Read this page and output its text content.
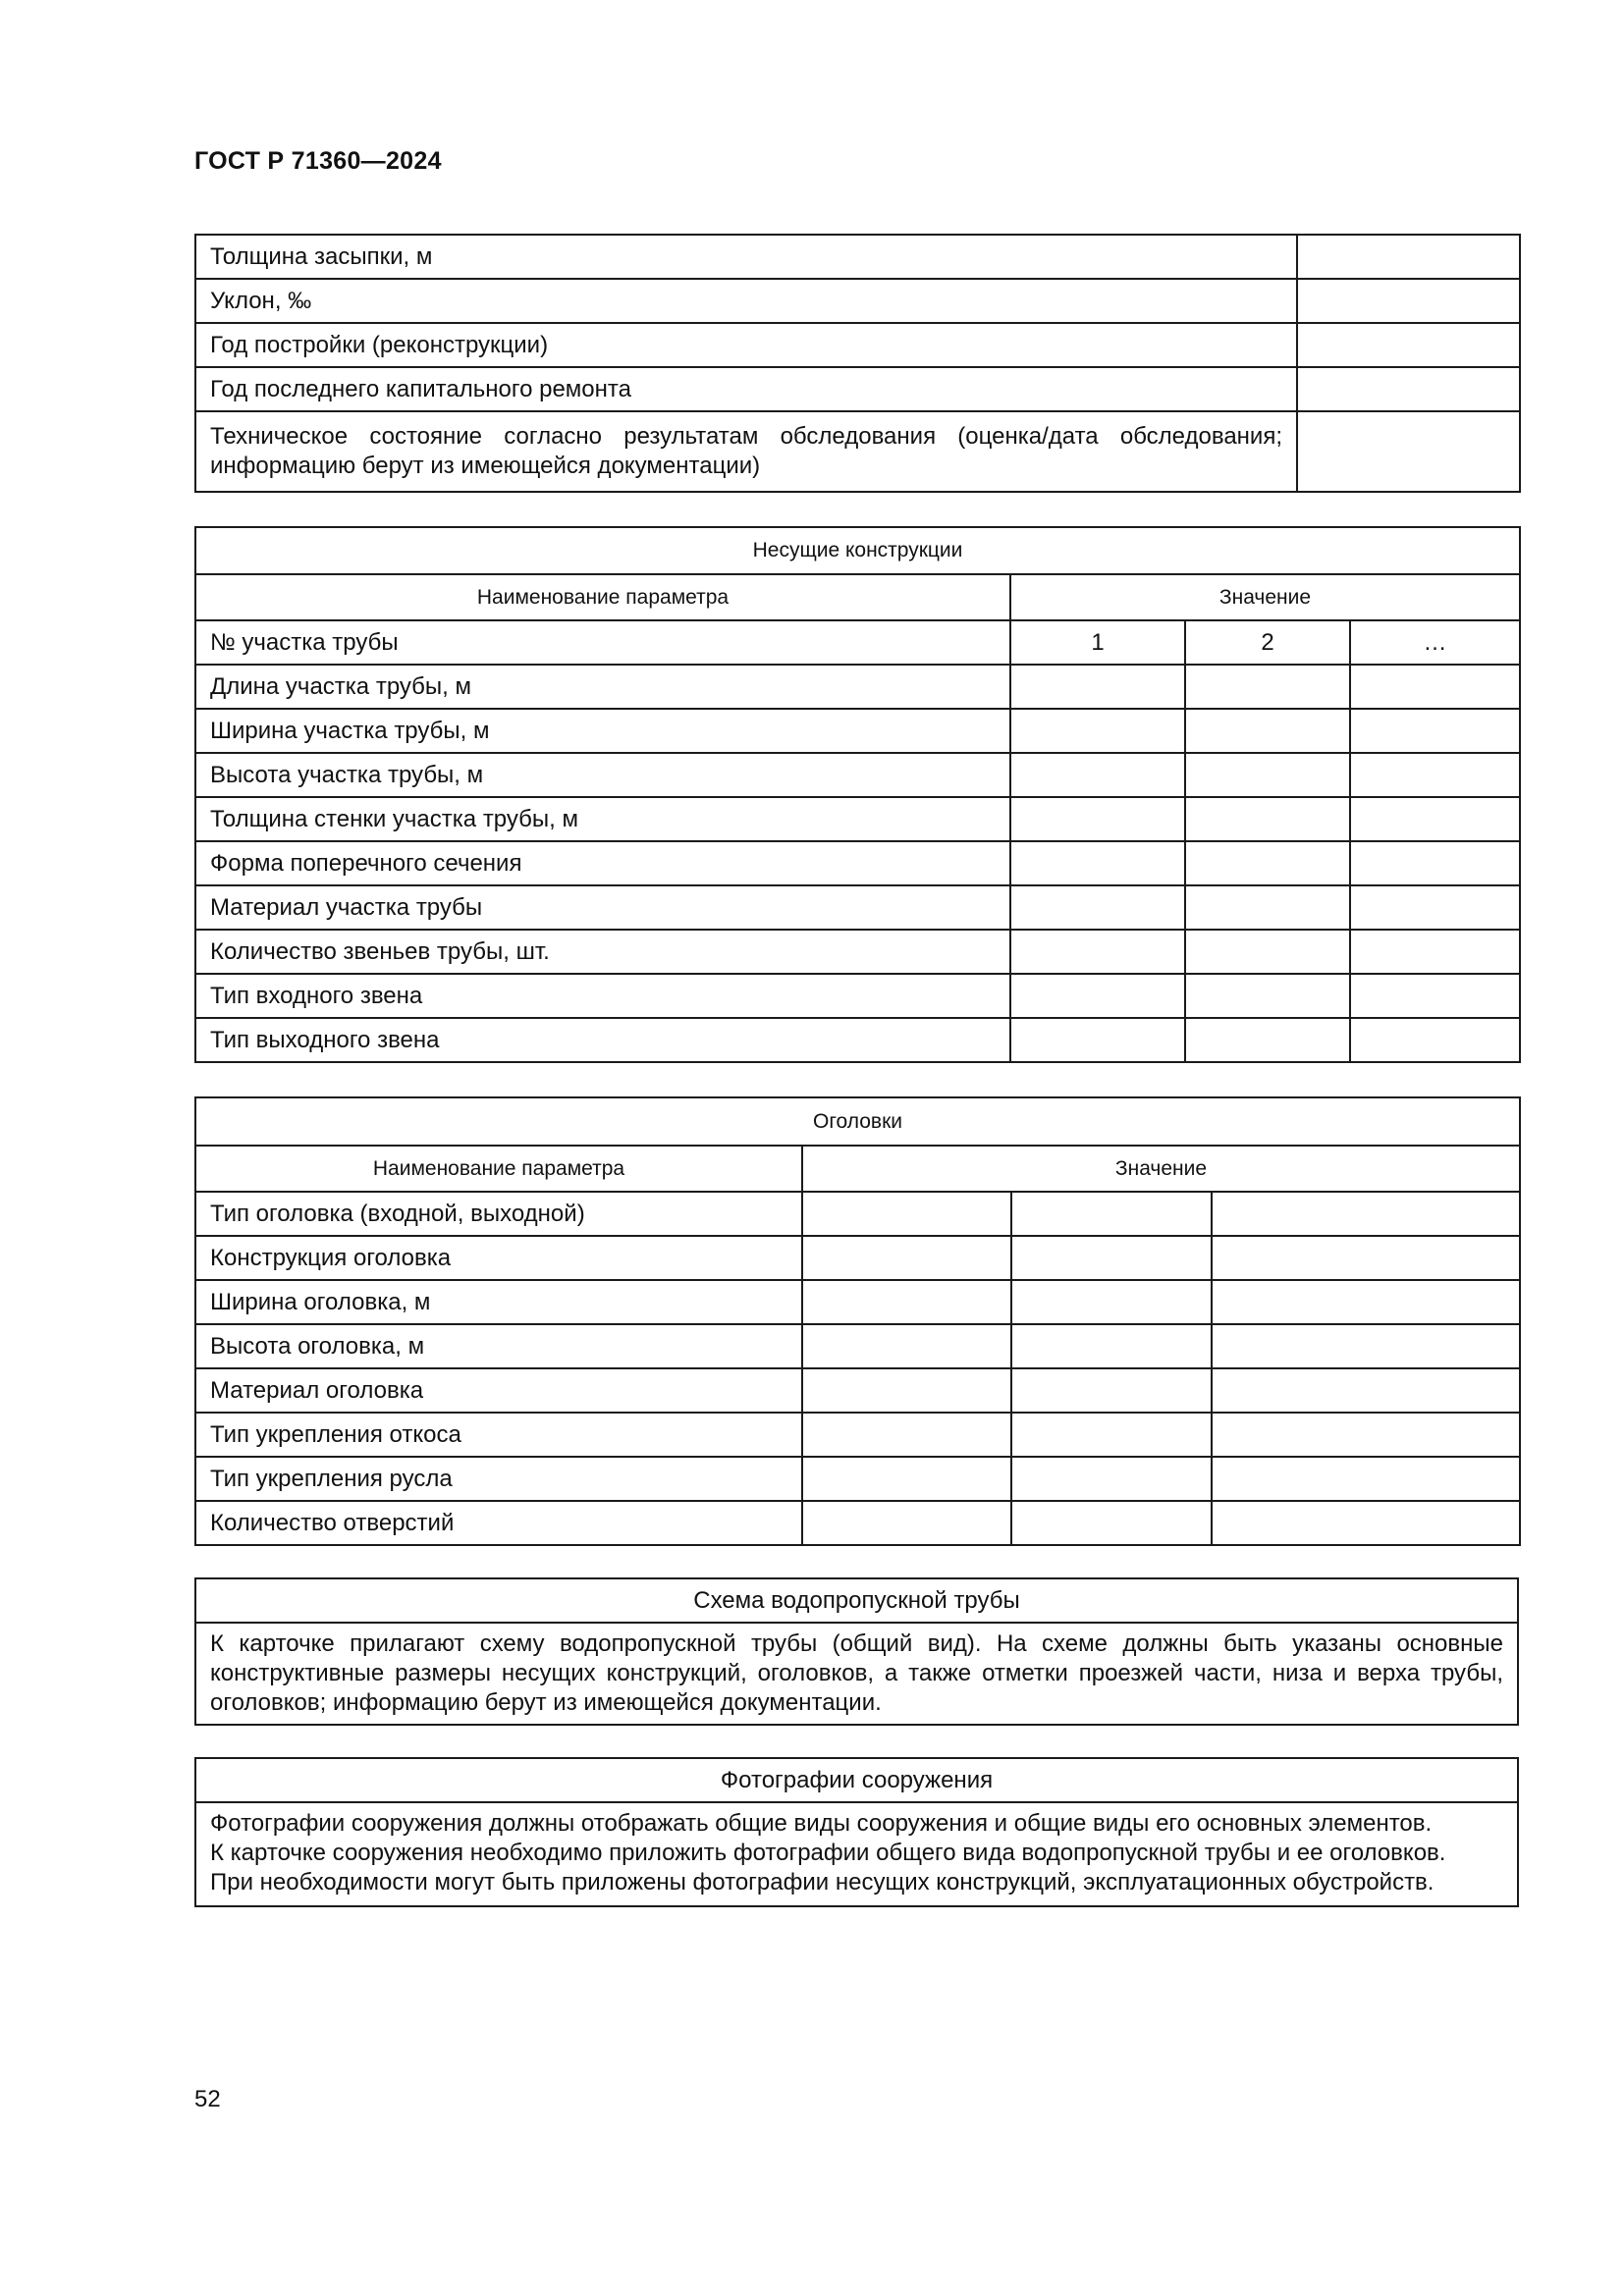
ГОСТ Р 71360—2024
Толщина засыпки, м	
Уклон, ‰	
Год постройки (реконструкции)	
Год последнего капитального ремонта	
Техническое состояние согласно результатам обследования (оценка/дата обследования; информацию берут из имеющейся документации)	
Несущие конструкции			
Наименование параметра	Значение		
№ участка трубы	1	2	…
Длина участка трубы, м			
Ширина участка трубы, м			
Высота участка трубы, м			
Толщина стенки участка трубы, м			
Форма поперечного сечения			
Материал участка трубы			
Количество звеньев трубы, шт.			
Тип входного звена			
Тип выходного звена			
Оголовки			
Наименование параметра	Значение		
Тип оголовка (входной, выходной)			
Конструкция оголовка			
Ширина оголовка, м			
Высота оголовка, м			
Материал оголовка			
Тип укрепления откоса			
Тип укрепления русла			
Количество отверстий			
Схема водопропускной трубы
К карточке прилагают схему водопропускной трубы (общий вид). На схеме должны быть указаны основные конструктивные размеры несущих конструкций, оголовков, а также отметки проезжей части, низа и верха трубы, оголовков; информацию берут из имеющейся документации.
Фотографии сооружения

Фотографии сооружения должны отображать общие виды сооружения и общие виды его основных элементов.
К карточке сооружения необходимо приложить фотографии общего вида водопропускной трубы и ее оголовков.
При необходимости могут быть приложены фотографии несущих конструкций, эксплуатационных обустройств.
52
